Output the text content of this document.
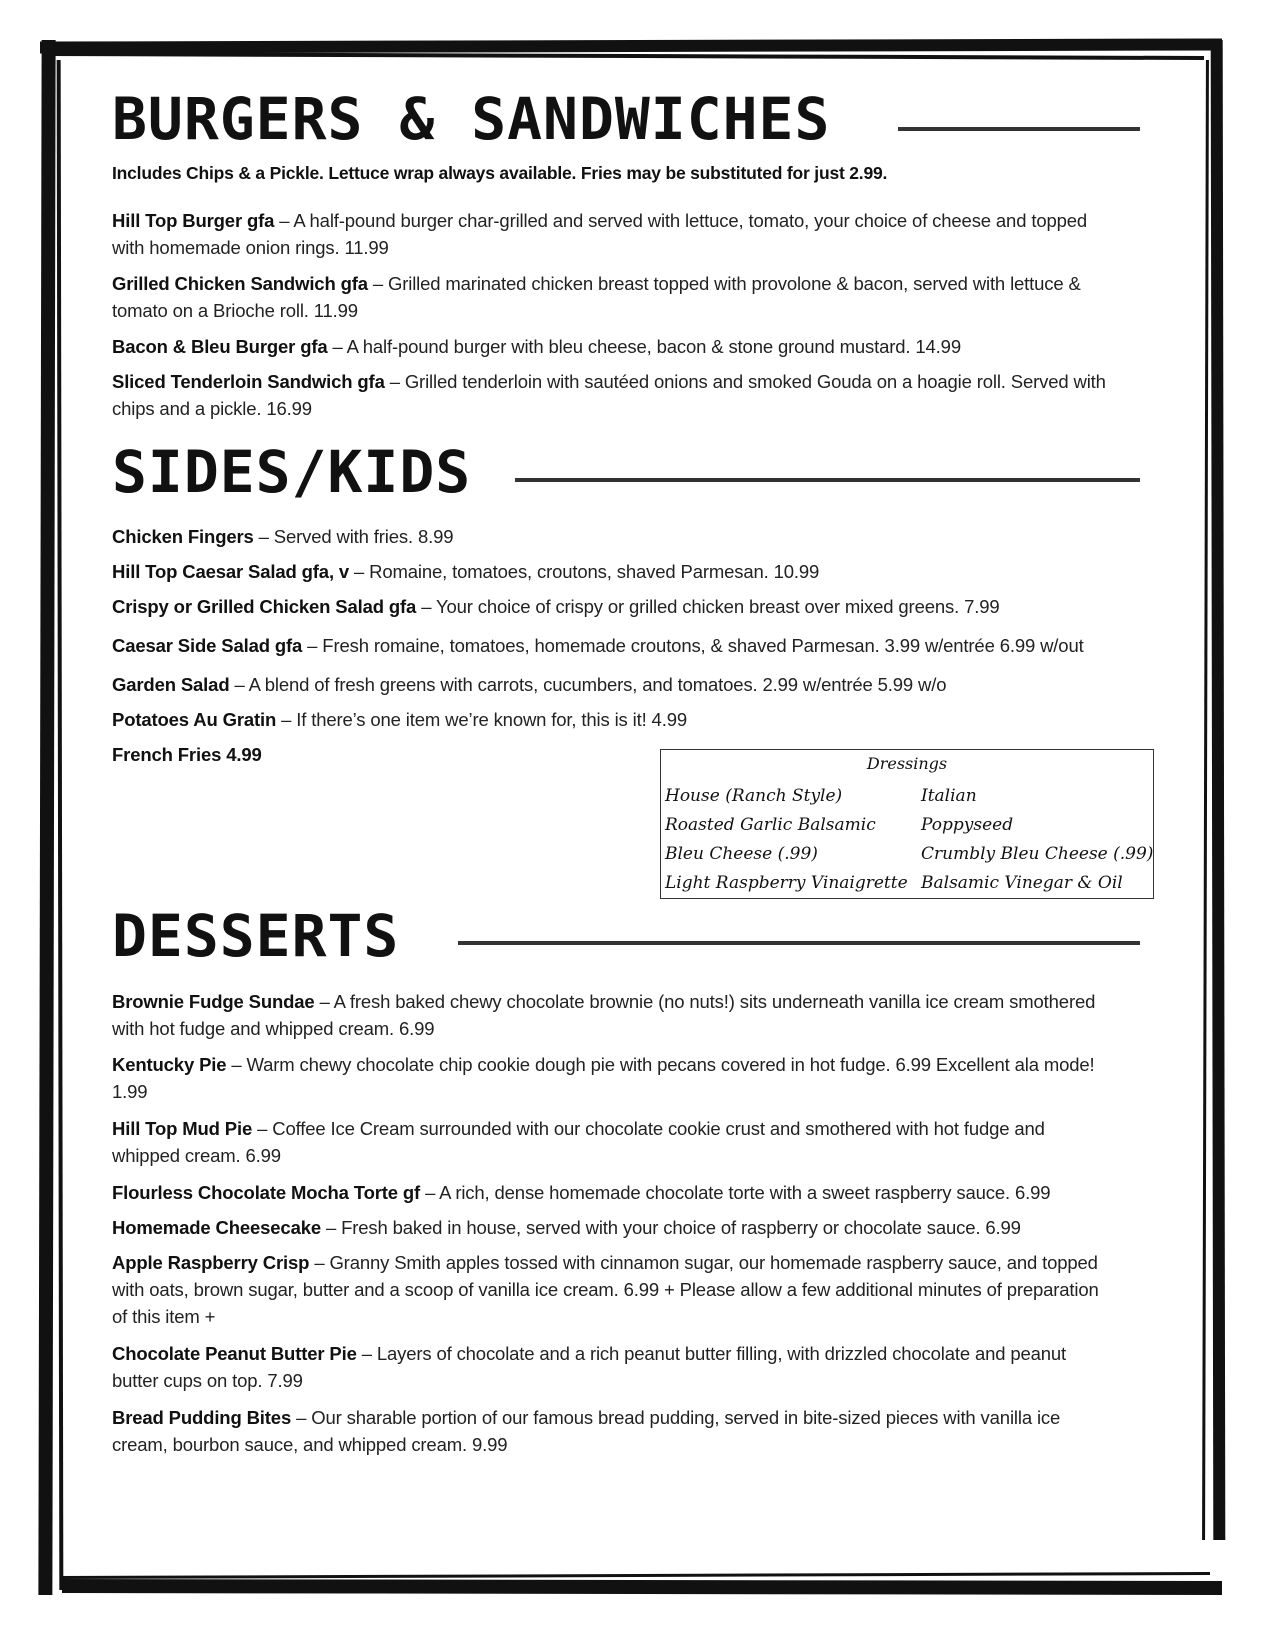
BURGERS & SANDWICHES
Includes Chips & a Pickle. Lettuce wrap always available. Fries may be substituted for just 2.99.
Hill Top Burger gfa – A half-pound burger char-grilled and served with lettuce, tomato, your choice of cheese and topped with homemade onion rings. 11.99
Grilled Chicken Sandwich gfa – Grilled marinated chicken breast topped with provolone & bacon, served with lettuce & tomato on a Brioche roll. 11.99
Bacon & Bleu Burger gfa – A half-pound burger with bleu cheese, bacon & stone ground mustard. 14.99
Sliced Tenderloin Sandwich gfa – Grilled tenderloin with sautéed onions and smoked Gouda on a hoagie roll. Served with chips and a pickle. 16.99
SIDES/KIDS
Chicken Fingers – Served with fries. 8.99
Hill Top Caesar Salad gfa, v – Romaine, tomatoes, croutons, shaved Parmesan. 10.99
Crispy or Grilled Chicken Salad gfa – Your choice of crispy or grilled chicken breast over mixed greens. 7.99
Caesar Side Salad gfa – Fresh romaine, tomatoes, homemade croutons, & shaved Parmesan. 3.99 w/entrée 6.99 w/out
Garden Salad – A blend of fresh greens with carrots, cucumbers, and tomatoes. 2.99 w/entrée 5.99 w/o
Potatoes Au Gratin – If there’s one item we’re known for, this is it! 4.99
French Fries 4.99	Dressings
House (Ranch Style)
Roasted Garlic Balsamic
Bleu Cheese (.99)
Light Raspberry Vinaigrette
Italian
Poppyseed
Crumbly Bleu Cheese (.99)
Balsamic Vinegar & Oil
DESSERTS
Brownie Fudge Sundae – A fresh baked chewy chocolate brownie (no nuts!) sits underneath vanilla ice cream smothered with hot fudge and whipped cream. 6.99
Kentucky Pie – Warm chewy chocolate chip cookie dough pie with pecans covered in hot fudge. 6.99 Excellent ala mode! 1.99
Hill Top Mud Pie – Coffee Ice Cream surrounded with our chocolate cookie crust and smothered with hot fudge and whipped cream. 6.99
Flourless Chocolate Mocha Torte gf – A rich, dense homemade chocolate torte with a sweet raspberry sauce. 6.99
Homemade Cheesecake – Fresh baked in house, served with your choice of raspberry or chocolate sauce. 6.99
Apple Raspberry Crisp – Granny Smith apples tossed with cinnamon sugar, our homemade raspberry sauce, and topped with oats, brown sugar, butter and a scoop of vanilla ice cream. 6.99 + Please allow a few additional minutes of preparation of this item +
Chocolate Peanut Butter Pie – Layers of chocolate and a rich peanut butter filling, with drizzled chocolate and peanut butter cups on top. 7.99
Bread Pudding Bites – Our sharable portion of our famous bread pudding, served in bite-sized pieces with vanilla ice cream, bourbon sauce, and whipped cream. 9.99
